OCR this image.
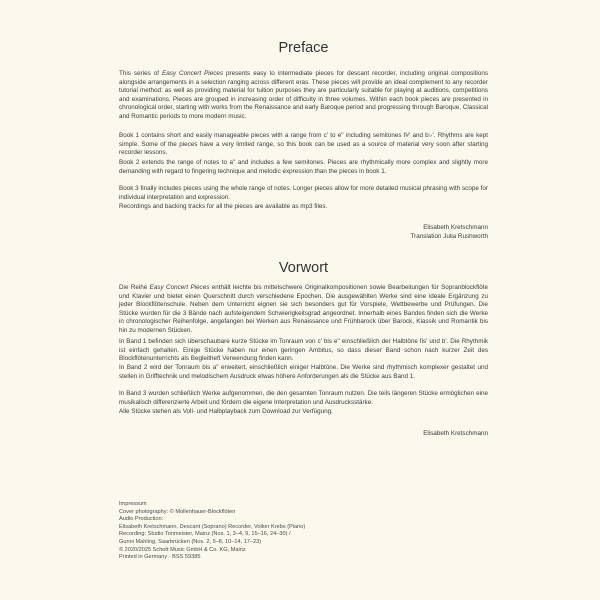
Preface

This series of Easy Concert Pieces presents easy to intermediate pieces for descant recorder, including original compositions alongside arrangements in a selection ranging across different eras. These pieces will provide an ideal complement to any recorder tutorial method: as well as providing material for tuition purposes they are particularly suitable for playing at auditions, competitions and examinations. Pieces are grouped in increasing order of difficulty in three volumes. Within each book pieces are presented in chronological order, starting with works from the Renaissance and early Baroque period and progressing through Baroque, Classical and Romantic periods to more modern music.

Book 1 contains short and easily manageable pieces with a range from c' to e'' including semitones f#' and b♭'. Rhythms are kept simple. Some of the pieces have a very limited range, so this book can be used as a source of material very soon after starting recorder lessons.

Book 2 extends the range of notes to a'' and includes a few semitones. Pieces are rhythmically more complex and slightly more demanding with regard to fingering technique and melodic expression than the pieces in book 1.

Book 3 finally includes pieces using the whole range of notes. Longer pieces allow for more detailed musical phrasing with scope for individual interpretation and expression.

Recordings and backing tracks for all the pieces are available as mp3 files.

Elisabeth Kretschmann
Translation Julia Rushworth
Vorwort

Die Reihe Easy Concert Pieces enthält leichte bis mittelschwere Originalkompositionen sowie Bearbeitungen für Sopranblockflöte und Klavier und bietet einen Querschnitt durch verschiedene Epochen. Die ausgewählten Werke sind eine ideale Ergänzung zu jeder Blockflötenschule. Neben dem Unterricht eignen sie sich besonders gut für Vorspiele, Wettbewerbe und Prüfungen. Die Stücke wurden für die 3 Bände nach aufsteigendem Schwierigkeitsgrad angeordnet. Innerhalb eines Bandes finden sich die Werke in chronologischer Reihenfolge, angefangen bei Werken aus Renaissance und Frühbarock über Barock, Klassik und Romantik bis hin zu modernen Stücken.

In Band 1 befinden sich überschaubare kurze Stücke im Tonraum von c' bis e'' einschließlich der Halbtöne fis' und b'. Die Rhythmik ist einfach gehalten. Einige Stücke haben nur einen geringen Ambitus, so dass dieser Band schon nach kurzer Zeit des Blockflötenunterrichts als Begleitheft Verwendung finden kann.

In Band 2 wird der Tonraum bis a'' erweitert, einschließlich einiger Halbtöne. Die Werke sind rhythmisch komplexer gestaltet und stellen in Grifftechnik und melodischem Ausdruck etwas höhere Anforderungen als die Stücke aus Band 1.

In Band 3 wurden schließlich Werke aufgenommen, die den gesamten Tonraum nutzen. Die teils längeren Stücke ermöglichen eine musikalisch differenzierte Arbeit und fördern die eigene Interpretation und Ausdrucksstärke.

Alle Stücke stehen als Voll- und Halbplayback zum Download zur Verfügung.

Elisabeth Kretschmann
Impressum
Cover photography: © Mollenhauer-Blockflöten
Audio Production:
Elisabeth Kretschmann, Descant (Soprano) Recorder, Volker Krebs (Piano)
Recording: Studio Tonmeister, Mainz (Nos. 1, 3–4, 9, 15–16, 24–30) /
Gunni Mahling, Saarbrücken (Nos. 2, 5–8, 10–14, 17–23)
© 2020/2025 Schott Music GmbH & Co. KG, Mainz
Printed in Germany · BSS 59385
